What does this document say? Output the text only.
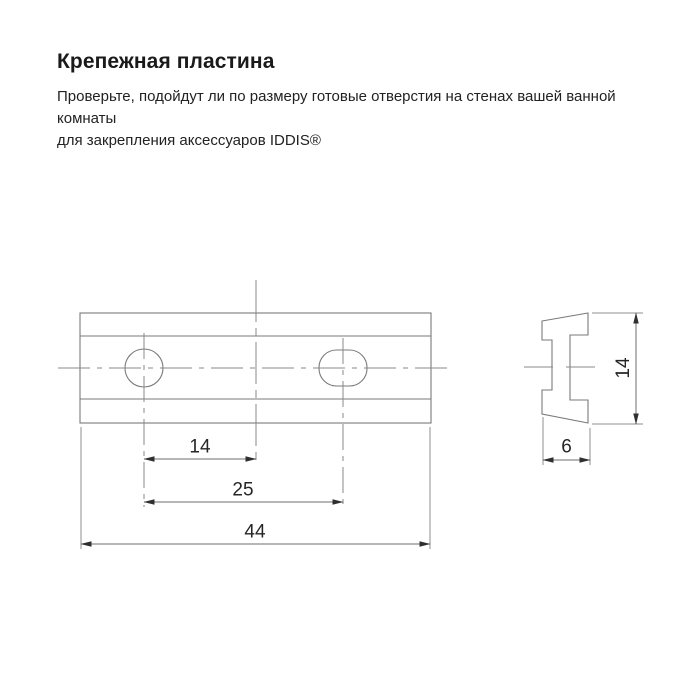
Крепежная пластина

Проверьте, подойдут ли по размеру готовые отверстия на стенах вашей ванной комнаты
для закрепления аксессуаров IDDIS®

14
25
44
14
6
